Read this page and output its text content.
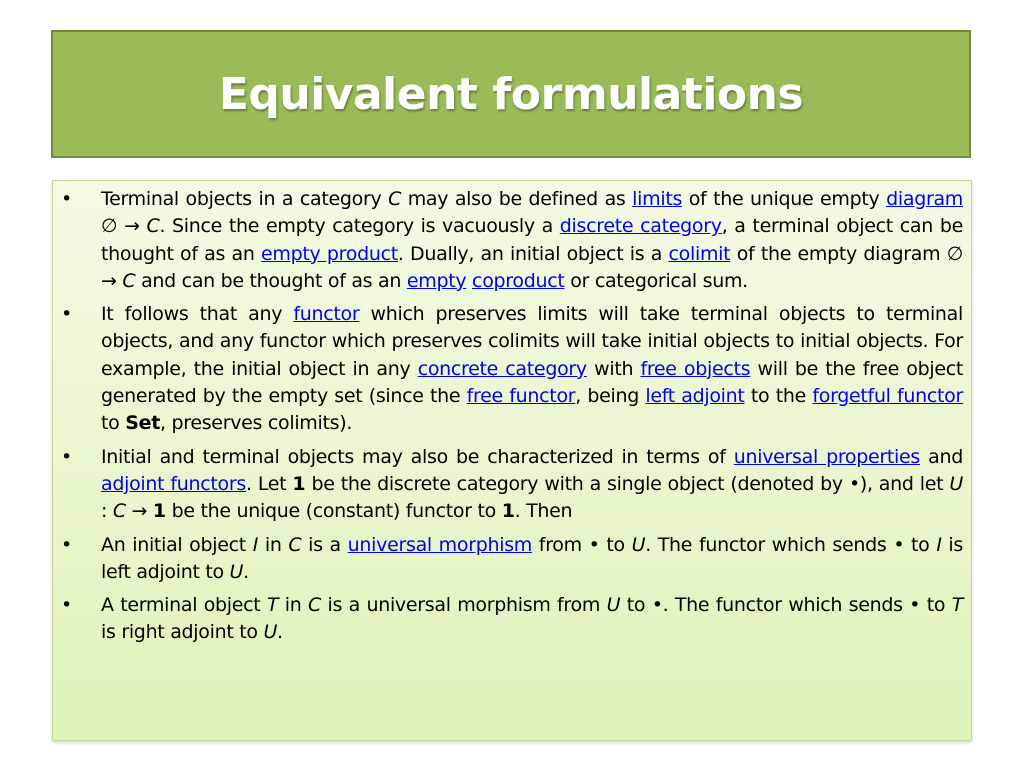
Equivalent formulations
• Terminal objects in a category C may also be defined as limits of the unique empty diagram ∅ → C. Since the empty category is vacuously a discrete category, a terminal object can be thought of as an empty product. Dually, an initial object is a colimit of the empty diagram ∅ → C and can be thought of as an empty coproduct or categorical sum.
• It follows that any functor which preserves limits will take terminal objects to terminal objects, and any functor which preserves colimits will take initial objects to initial objects. For example, the initial object in any concrete category with free objects will be the free object generated by the empty set (since the free functor, being left adjoint to the forgetful functor to Set, preserves colimits).
• Initial and terminal objects may also be characterized in terms of universal properties and adjoint functors. Let 1 be the discrete category with a single object (denoted by •), and let U : C → 1 be the unique (constant) functor to 1. Then
• An initial object I in C is a universal morphism from • to U. The functor which sends • to I is left adjoint to U.
• A terminal object T in C is a universal morphism from U to •. The functor which sends • to T is right adjoint to U.
